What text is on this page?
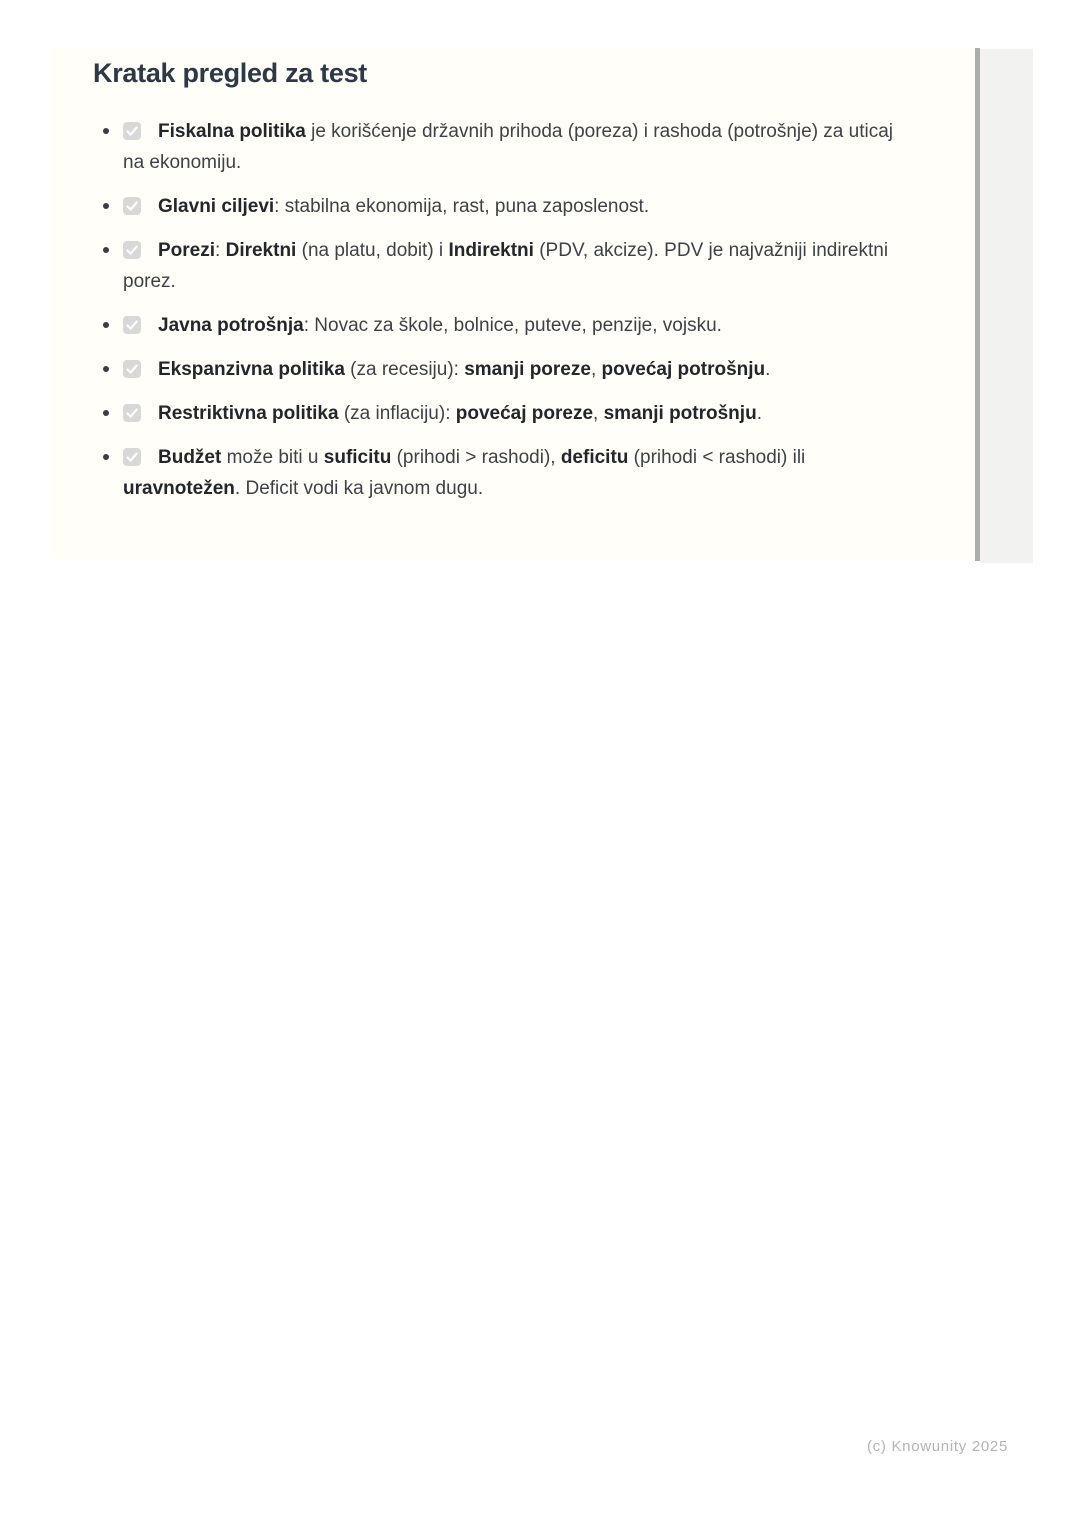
Kratak pregled za test
Fiskalna politika je korišćenje državnih prihoda (poreza) i rashoda (potrošnje) za uticaj na ekonomiju.
Glavni ciljevi: stabilna ekonomija, rast, puna zaposlenost.
Porezi: Direktni (na platu, dobit) i Indirektni (PDV, akcize). PDV je najvažniji indirektni porez.
Javna potrošnja: Novac za škole, bolnice, puteve, penzije, vojsku.
Ekspanzivna politika (za recesiju): smanji poreze, povećaj potrošnju.
Restriktivna politika (za inflaciju): povećaj poreze, smanji potrošnju.
Budžet može biti u suficitu (prihodi > rashodi), deficitu (prihodi < rashodi) ili uravnotežen. Deficit vodi ka javnom dugu.
(c) Knowunity 2025
